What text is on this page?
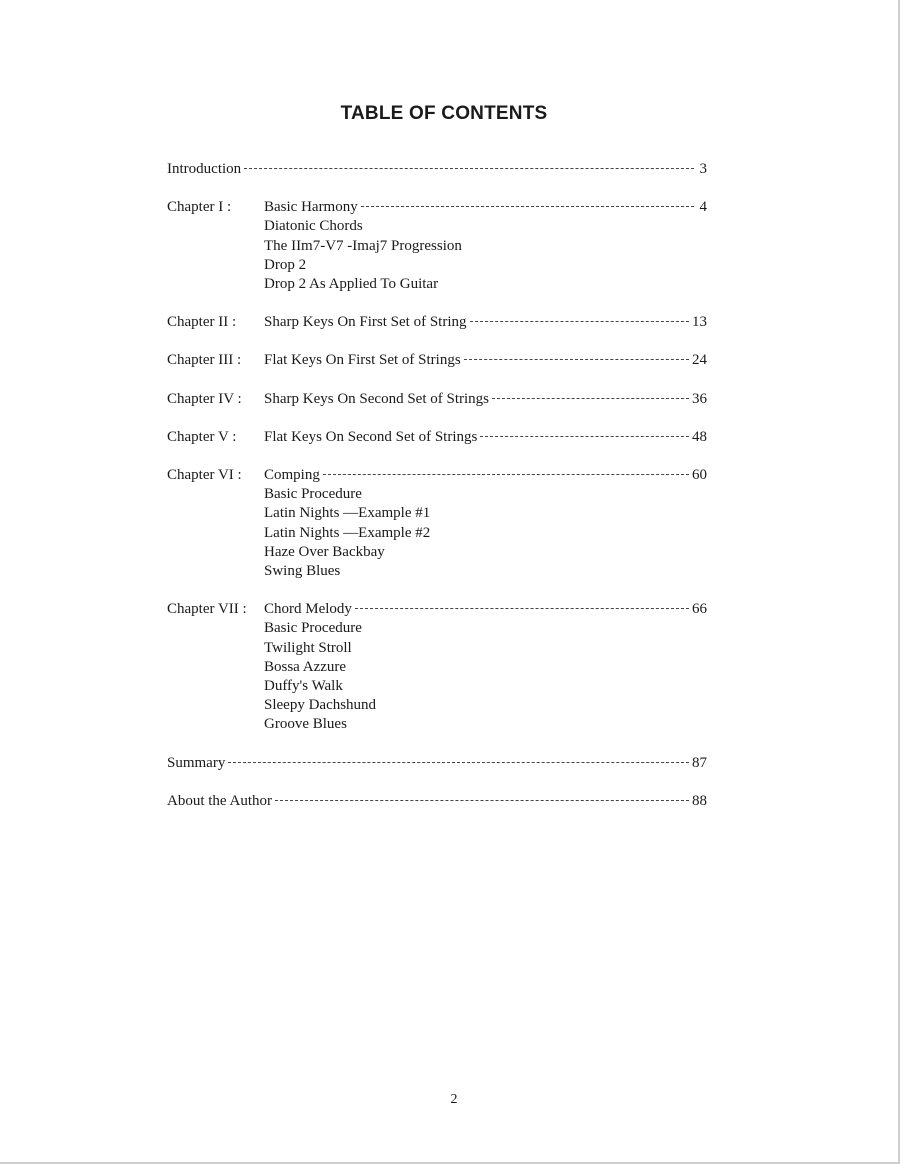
TABLE OF CONTENTS
Introduction	3
Chapter I :	Basic Harmony	4
Diatonic Chords
The IIm7-V7 -Imaj7 Progression
Drop 2
Drop 2 As Applied To Guitar
Chapter II :	Sharp Keys On First Set of String	13
Chapter III :	Flat Keys On First Set of Strings	24
Chapter IV :	Sharp Keys On Second Set of Strings	36
Chapter V :	Flat Keys On Second Set of Strings	48
Chapter VI :	Comping	60
Basic Procedure
Latin Nights —Example #1
Latin Nights —Example #2
Haze Over Backbay
Swing Blues
Chapter VII :	Chord Melody	66
Basic Procedure
Twilight Stroll
Bossa Azzure
Duffy's Walk
Sleepy Dachshund
Groove Blues
Summary	87
About the Author	88
2
